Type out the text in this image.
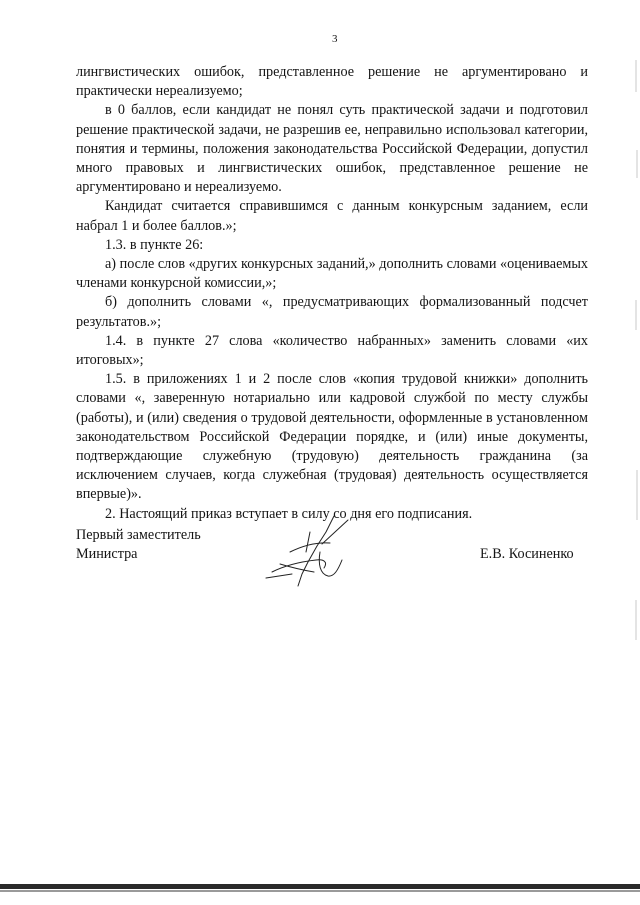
3

лингвистических ошибок, представленное решение не аргументировано и практически нереализуемо;

в 0 баллов, если кандидат не понял суть практической задачи и подготовил решение практической задачи, не разрешив ее, неправильно использовал категории, понятия и термины, положения законодательства Российской Федерации, допустил много правовых и лингвистических ошибок, представленное решение не аргументировано и нереализуемо.

Кандидат считается справившимся с данным конкурсным заданием, если набрал 1 и более баллов.»;

1.3. в пункте 26:

а) после слов «других конкурсных заданий,» дополнить словами «оцениваемых членами конкурсной комиссии,»;

б) дополнить словами «, предусматривающих формализованный подсчет результатов.»;

1.4. в пункте 27 слова «количество набранных» заменить словами «их итоговых»;

1.5. в приложениях 1 и 2 после слов «копия трудовой книжки» дополнить словами «, заверенную нотариально или кадровой службой по месту службы (работы), и (или) сведения о трудовой деятельности, оформленные в установленном законодательством Российской Федерации порядке, и (или) иные документы, подтверждающие служебную (трудовую) деятельность гражданина (за исключением случаев, когда служебная (трудовая) деятельность осуществляется впервые)».

2. Настоящий приказ вступает в силу со дня его подписания.

Первый заместитель
Министра	Е.В. Косиненко
